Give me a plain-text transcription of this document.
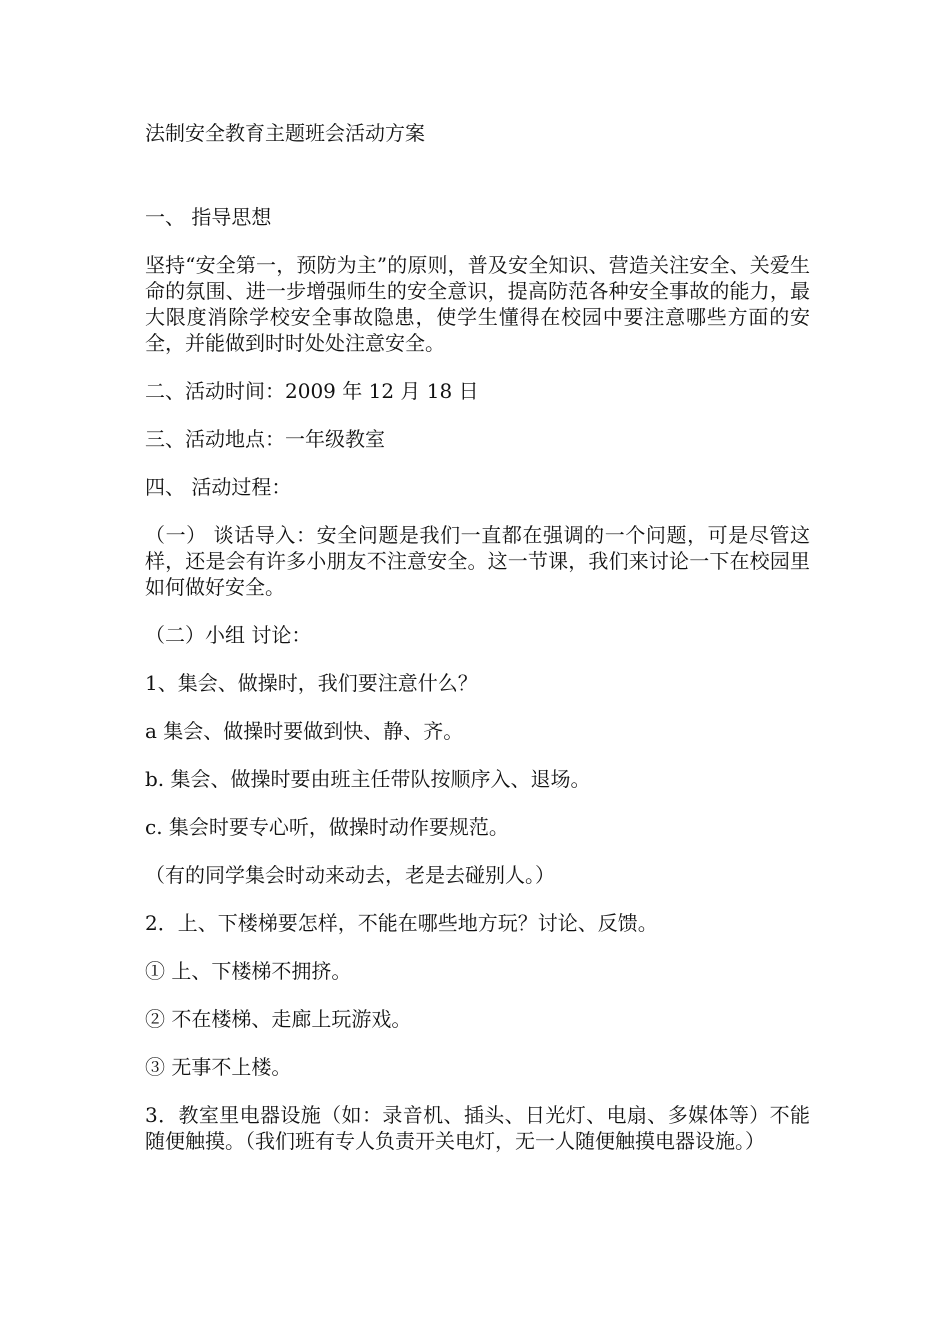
法制安全教育主题班会活动方案

一、 指导思想

坚持“安全第一，预防为主”的原则，普及安全知识、营造关注安全、关爱生命的氛围、进一步增强师生的安全意识，提高防范各种安全事故的能力，最大限度消除学校安全事故隐患，使学生懂得在校园中要注意哪些方面的安全，并能做到时时处处注意安全。

二、活动时间：2009 年 12 月 18 日

三、活动地点：一年级教室

四、 活动过程：

（一） 谈话导入：安全问题是我们一直都在强调的一个问题，可是尽管这样，还是会有许多小朋友不注意安全。这一节课，我们来讨论一下在校园里如何做好安全。

（二）小组 讨论：

1、集会、做操时，我们要注意什么？

a 集会、做操时要做到快、静、齐。

b. 集会、做操时要由班主任带队按顺序入、退场。

c. 集会时要专心听，做操时动作要规范。

（有的同学集会时动来动去，老是去碰别人。）

2．上、下楼梯要怎样，不能在哪些地方玩？讨论、反馈。

① 上、下楼梯不拥挤。

② 不在楼梯、走廊上玩游戏。

③ 无事不上楼。

3．教室里电器设施（如：录音机、插头、日光灯、电扇、多媒体等）不能随便触摸。（我们班有专人负责开关电灯，无一人随便触摸电器设施。）
